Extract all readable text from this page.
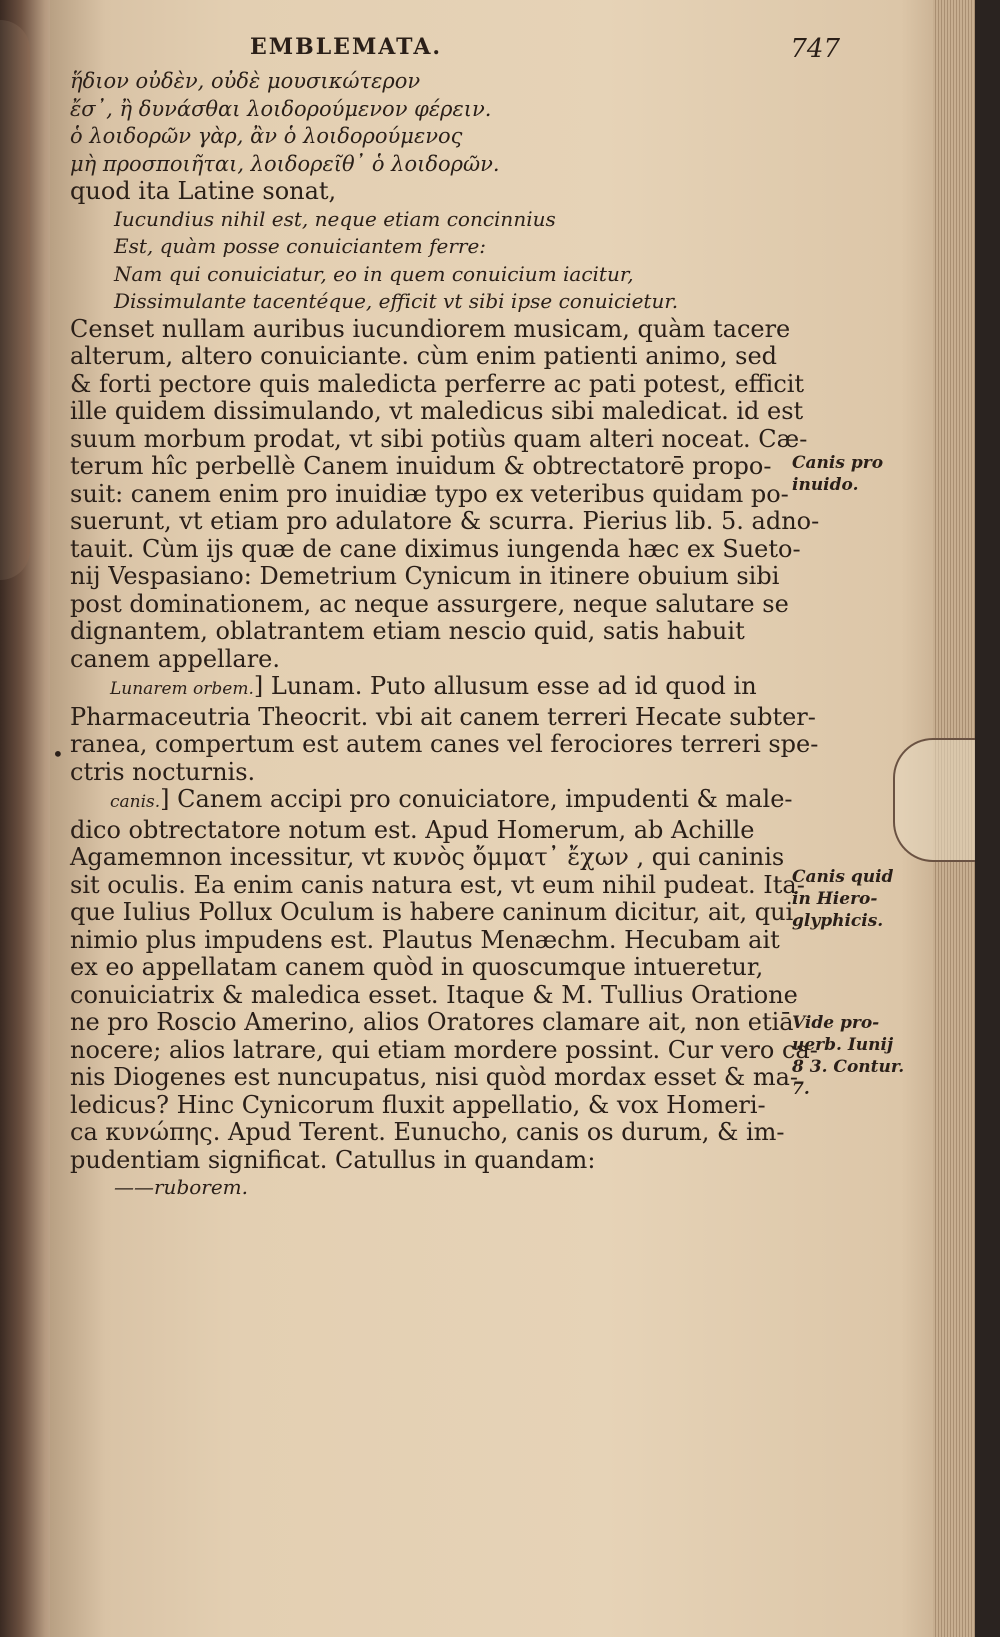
EMBLEMATA.	747
ἥδιον οὐδὲν, οὐδὲ μουσικώτερον
ἔσ᾽, ἢ δυνάσθαι λοιδορούμενον φέρειν.
ὁ λοιδορῶν γὰρ, ἂν ὁ λοιδορούμενος
μὴ προσποιῆται, λοιδορεῖθ᾽ ὁ λοιδορῶν.
quod ita Latine sonat,
Iucundius nihil est, neque etiam concinnius
Est, quàm posse conuiciantem ferre:
Nam qui conuiciatur, eo in quem conuicium iacitur,
Dissimulante tacentéque, efficit vt sibi ipse conuicietur.
Censet nullam auribus iucundiorem musicam, quàm tacere
alterum, altero conuiciante. cùm enim patienti animo, sed
& forti pectore quis maledicta perferre ac pati potest, efficit
ille quidem dissimulando, vt maledicus sibi maledicat. id est
suum morbum prodat, vt sibi potiùs quam alteri noceat. Cæ-
terum hîc perbellè Canem inuidum & obtrectatorē propo-
suit: canem enim pro inuidiæ typo ex veteribus quidam po-
suerunt, vt etiam pro adulatore & scurra. Pierius lib. 5. adno-
tauit. Cùm ijs quæ de cane diximus iungenda hæc ex Sueto-
nij Vespasiano: Demetrium Cynicum in itinere obuium sibi
post dominationem, ac neque assurgere, neque salutare se
dignantem, oblatrantem etiam nescio quid, satis habuit
canem appellare.
Lunarem orbem.] Lunam. Puto allusum esse ad id quod in
Pharmaceutria Theocrit. vbi ait canem terreri Hecate subter-
ranea, compertum est autem canes vel ferociores terreri spe-
ctris nocturnis.
canis.] Canem accipi pro conuiciatore, impudenti & male-
dico obtrectatore notum est. Apud Homerum, ab Achille
Agamemnon incessitur, vt κυνὸς ὄμματ᾽ ἔχων , qui caninis
sit oculis. Ea enim canis natura est, vt eum nihil pudeat. Ita-
que Iulius Pollux Oculum is habere caninum dicitur, ait, qui
nimio plus impudens est. Plautus Menæchm. Hecubam ait
ex eo appellatam canem quòd in quoscumque intueretur,
conuiciatrix & maledica esset. Itaque & M. Tullius Oratione
ne pro Roscio Amerino, alios Oratores clamare ait, non etiā
nocere; alios latrare, qui etiam mordere possint. Cur vero ca-
nis Diogenes est nuncupatus, nisi quòd mordax esset & ma-
ledicus? Hinc Cynicorum fluxit appellatio, & vox Homeri-
ca κυνώπης. Apud Terent. Eunucho, canis os durum, & im-
pudentiam significat. Catullus in quandam:
——ruborem.
Canis pro
inuido.
Canis quid
in Hiero-
glyphicis.
Vide pro-
uerb. Iunij
8 3. Contur.
7.
•
